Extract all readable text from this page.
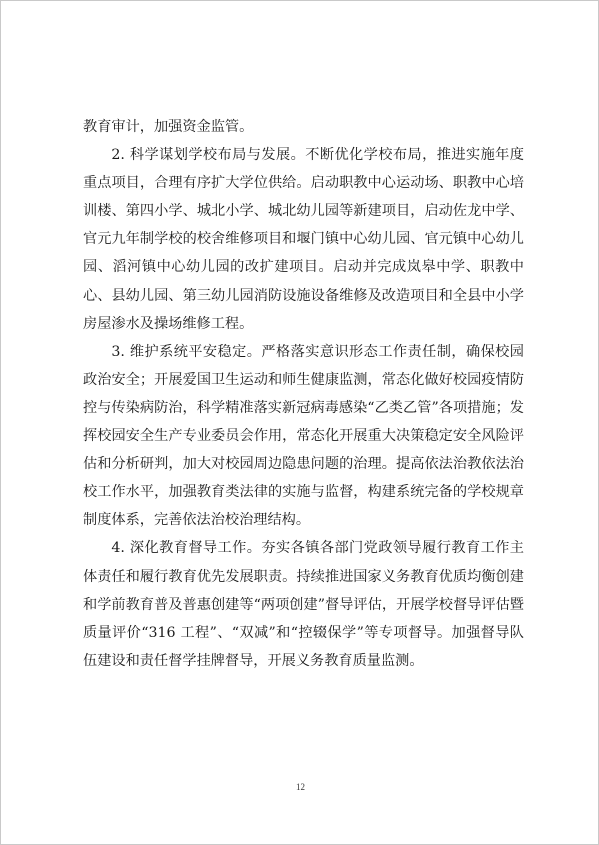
教育审计，加强资金监管。

2. 科学谋划学校布局与发展。不断优化学校布局，推进实施年度重点项目，合理有序扩大学位供给。启动职教中心运动场、职教中心培训楼、第四小学、城北小学、城北幼儿园等新建项目，启动佐龙中学、官元九年制学校的校舍维修项目和堰门镇中心幼儿园、官元镇中心幼儿园、滔河镇中心幼儿园的改扩建项目。启动并完成岚皋中学、职教中心、县幼儿园、第三幼儿园消防设施设备维修及改造项目和全县中小学房屋渗水及操场维修工程。

3. 维护系统平安稳定。严格落实意识形态工作责任制，确保校园政治安全；开展爱国卫生运动和师生健康监测，常态化做好校园疫情防控与传染病防治，科学精准落实新冠病毒感染“乙类乙管”各项措施；发挥校园安全生产专业委员会作用，常态化开展重大决策稳定安全风险评估和分析研判，加大对校园周边隐患问题的治理。提高依法治教依法治校工作水平，加强教育类法律的实施与监督，构建系统完备的学校规章制度体系，完善依法治校治理结构。

4. 深化教育督导工作。夯实各镇各部门党政领导履行教育工作主体责任和履行教育优先发展职责。持续推进国家义务教育优质均衡创建和学前教育普及普惠创建等“两项创建”督导评估，开展学校督导评估暨质量评价“316 工程”、“双减”和“控辍保学”等专项督导。加强督导队伍建设和责任督学挂牌督导，开展义务教育质量监测。

12
